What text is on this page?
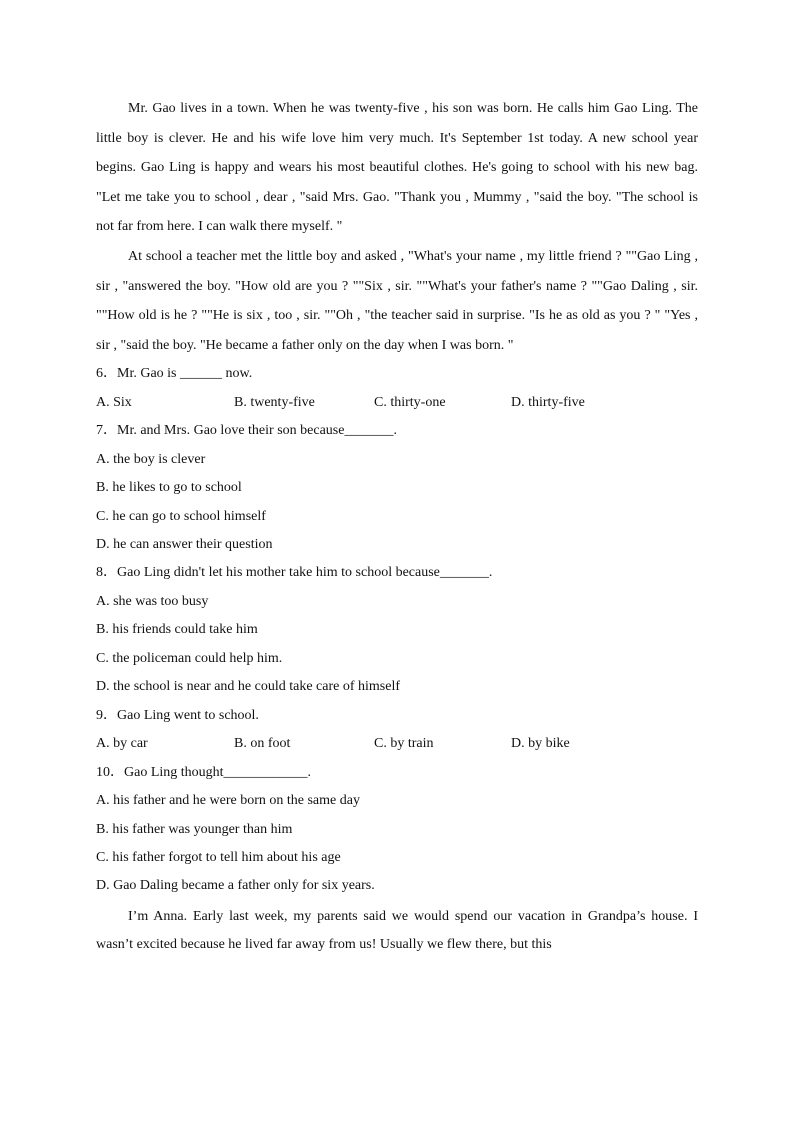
Mr. Gao lives in a town. When he was twenty-five , his son was born. He calls him Gao Ling. The little boy is clever. He and his wife love him very much. It's September 1st today. A new school year begins. Gao Ling is happy and wears his most beautiful clothes. He's going to school with his new bag. "Let me take you to school , dear , "said Mrs. Gao. "Thank you , Mummy , "said the boy. "The school is not far from here. I can walk there myself. "

At school a teacher met the little boy and asked , "What's your name , my little friend ? ""Gao Ling , sir , "answered the boy. "How old are you ? ""Six , sir. ""What's your father's name ? ""Gao Daling , sir. ""How old is he ? ""He is six , too , sir. ""Oh , "the teacher said in surprise. "Is he as old as you ? " "Yes , sir , "said the boy. "He became a father only on the day when I was born. "

6．Mr. Gao is ______ now.
A. Six	B. twenty-five	C. thirty-one	D. thirty-five
7．Mr. and Mrs. Gao love their son because_______.
A. the boy is clever
B. he likes to go to school
C. he can go to school himself
D. he can answer their question
8．Gao Ling didn't let his mother take him to school because_______.
A. she was too busy
B. his friends could take him
C. the policeman could help him.
D. the school is near and he could take care of himself
9．Gao Ling went to school.
A. by car	B. on foot	C. by train	D. by bike
10．Gao Ling thought____________.
A. his father and he were born on the same day
B. his father was younger than him
C. his father forgot to tell him about his age
D. Gao Daling became a father only for six years.

I’m Anna. Early last week, my parents said we would spend our vacation in Grandpa’s house. I wasn’t excited because he lived far away from us! Usually we flew there, but this
